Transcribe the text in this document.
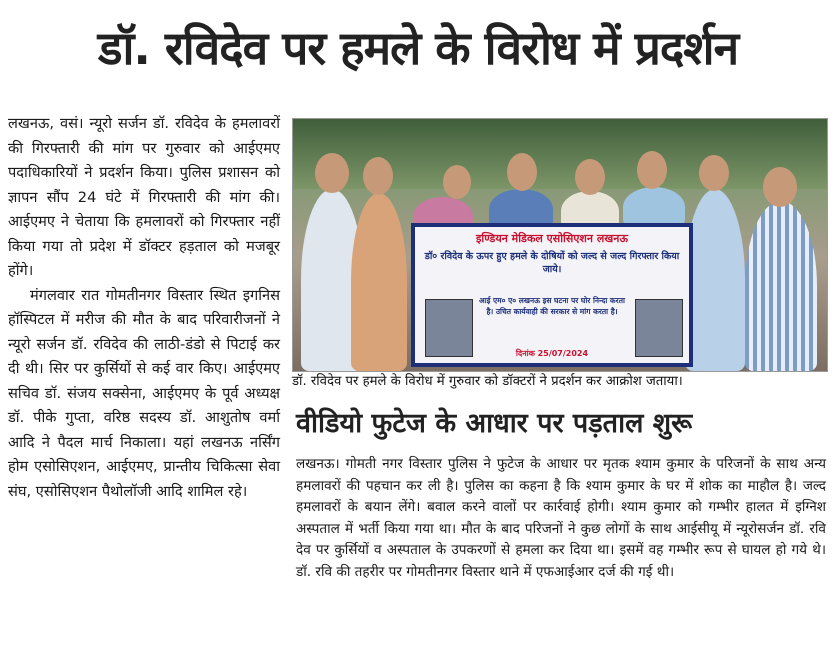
डॉ. रविदेव पर हमले के विरोध में प्रदर्शन

लखनऊ, वसं। न्यूरो सर्जन डॉ. रविदेव के हमलावरों की गिरफ्तारी की मांग पर गुरुवार को आईएमए पदाधिकारियों ने प्रदर्शन किया। पुलिस प्रशासन को ज्ञापन सौंप 24 घंटे में गिरफ्तारी की मांग की। आईएमए ने चेताया कि हमलावरों को गिरफ्तार नहीं किया गया तो प्रदेश में डॉक्टर हड़ताल को मजबूर होंगे।

मंगलवार रात गोमतीनगर विस्तार स्थित इगनिस हॉस्पिटल में मरीज की मौत के बाद परिवारीजनों ने न्यूरो सर्जन डॉ. रविदेव की लाठी-डंडो से पिटाई कर दी थी। सिर पर कुर्सियों से कई वार किए। आईएमए सचिव डॉ. संजय सक्सेना, आईएमए के पूर्व अध्यक्ष डॉ. पीके गुप्ता, वरिष्ठ सदस्य डॉ. आशुतोष वर्मा आदि ने पैदल मार्च निकाला। यहां लखनऊ नर्सिंग होम एसोसिएशन, आईएमए, प्रान्तीय चिकित्सा सेवा संघ, एसोसिएशन पैथोलॉजी आदि शामिल रहे।

इण्डियन मेडिकल एसोसिएशन लखनऊ
डॉ० रविदेव के ऊपर हुए हमले के दोषियों को जल्द से जल्द गिरफ्तार किया जाये।
आई एम० ए० लखनऊ इस घटना पर घोर निन्दा करता है। उचित कार्यवाही की सरकार से मांग करता है।
दिनांक 25/07/2024
डॉ. रविदेव पर हमले के विरोध में गुरुवार को डॉक्टरों ने प्रदर्शन कर आक्रोश जताया।
वीडियो फुटेज के आधार पर पड़ताल शुरू

लखनऊ। गोमती नगर विस्तार पुलिस ने फुटेज के आधार पर मृतक श्याम कुमार के परिजनों के साथ अन्य हमलावरों की पहचान कर ली है। पुलिस का कहना है कि श्याम कुमार के घर में शोक का माहौल है। जल्द हमलावरों के बयान लेंगे। बवाल करने वालों पर कार्रवाई होगी। श्याम कुमार को गम्भीर हालत में इग्निश अस्पताल में भर्ती किया गया था। मौत के बाद परिजनों ने कुछ लोगों के साथ आईसीयू में न्यूरोसर्जन डॉ. रवि देव पर कुर्सियों व अस्पताल के उपकरणों से हमला कर दिया था। इसमें वह गम्भीर रूप से घायल हो गये थे। डॉ. रवि की तहरीर पर गोमतीनगर विस्तार थाने में एफआईआर दर्ज की गई थी।
